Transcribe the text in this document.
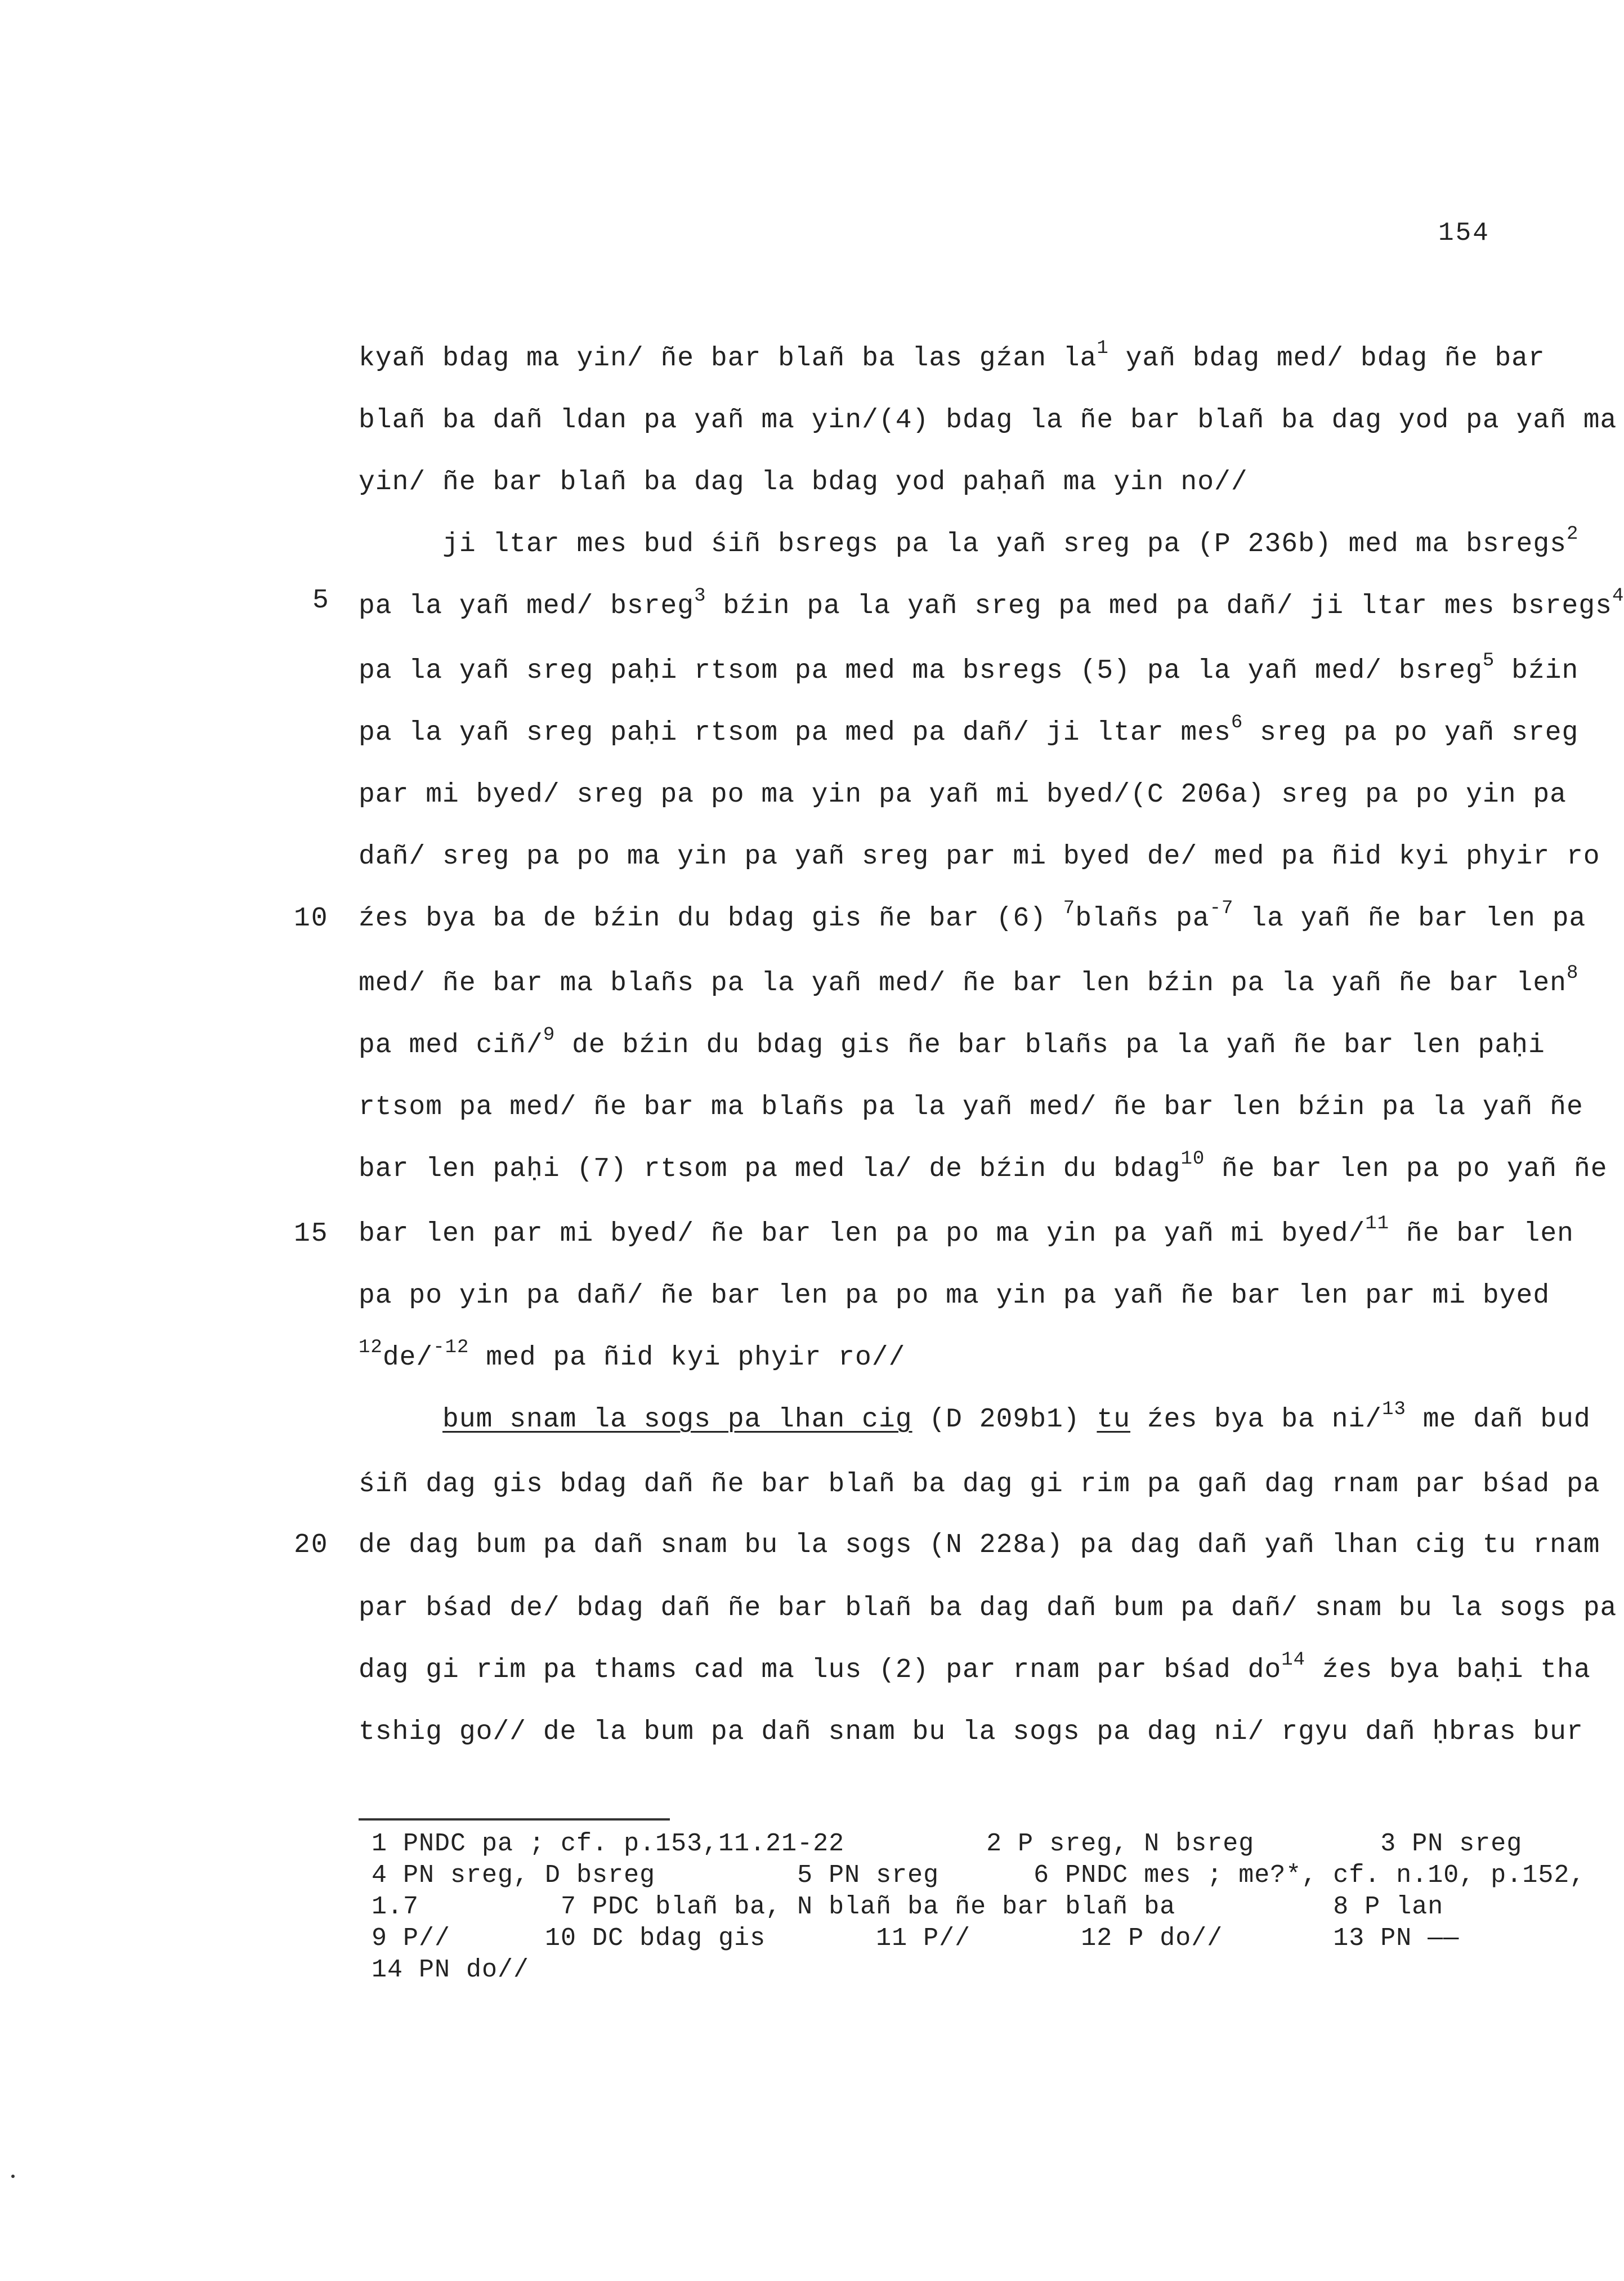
154
kyañ bdag ma yin/ ñe bar blañ ba las gźan $la^1$ yañ bdag med/ bdag ñe bar
blañ ba dañ ldan pa yañ ma yin/(4) bdag la ñe bar blañ ba dag yod pa yañ ma
yin/ ñe bar blañ ba dag la bdag yod paḥañ ma yin no//
ji ltar mes bud śiñ bsregs pa la yañ sreg pa (P 236b) med ma bsregs$^2$
pa la yañ med/ bsreg$^3$ bźin pa la yañ sreg pa med pa dañ/ ji ltar mes bsregs$^4$
pa la yañ sreg paḥi rtsom pa med ma bsregs (5) pa la yañ med/ bsreg$^5$ bźin
pa la yañ sreg paḥi rtsom pa med pa dañ/ ji ltar mes$^6$ sreg pa po yañ sreg
par mi byed/ sreg pa po ma yin pa yañ mi byed/(C 206a) sreg pa po yin pa
dañ/ sreg pa po ma yin pa yañ sreg par mi byed de/ med pa ñid kyi phyir ro
źes bya ba de bźin du bdag gis ñe bar (6) $^7$blañs $pa^{-7}$ la yañ ñe bar len pa
med/ ñe bar ma blañs pa la yañ med/ ñe bar len bźin pa la yañ ñe bar len$^8$
pa med ciñ/$^9$ de bźin du bdag gis ñe bar blañs pa la yañ ñe bar len paḥi
rtsom pa med/ ñe bar ma blañs pa la yañ med/ ñe bar len bźin pa la yañ ñe
bar len paḥi (7) rtsom pa med la/ de bźin du bdag$^{10}$ ñe bar len pa po yañ ñe
bar len par mi byed/ ñe bar len pa po ma yin pa yañ mi byed/$^{11}$ ñe bar len
pa po yin pa dañ/ ñe bar len pa po ma yin pa yañ ñe bar len par mi byed
$^{12}$de/$^{-12}$ med pa ñid kyi phyir ro//
bum snam la sogs pa lhan cig (D 209b1) tu źes bya ba ni/$^{13}$ me dañ bud
śiñ dag gis bdag dañ ñe bar blañ ba dag gi rim pa gañ dag rnam par bśad pa
de dag bum pa dañ snam bu la sogs (N 228a) pa dag dañ yañ lhan cig tu rnam
par bśad de/ bdag dañ ñe bar blañ ba dag dañ bum pa dañ/ snam bu la sogs pa
dag gi rim pa thams cad ma lus (2) par rnam par bśad $do^{14}$ źes bya baḥi tha
tshig go// de la bum pa dañ snam bu la sogs pa dag ni/ rgyu dañ ḥbras bur
5
10
15
20
1 PNDC pa ; cf. p.153,11.21-22         2 P sreg, N bsreg        3 PN sreg
4 PN sreg, D bsreg         5 PN sreg      6 PNDC mes ; me?*, cf. n.10, p.152,
1.7         7 PDC blañ ba, N blañ ba ñe bar blañ ba          8 P lan
9 P//      10 DC bdag gis       11 P//       12 P do//       13 PN ——
14 PN do//
